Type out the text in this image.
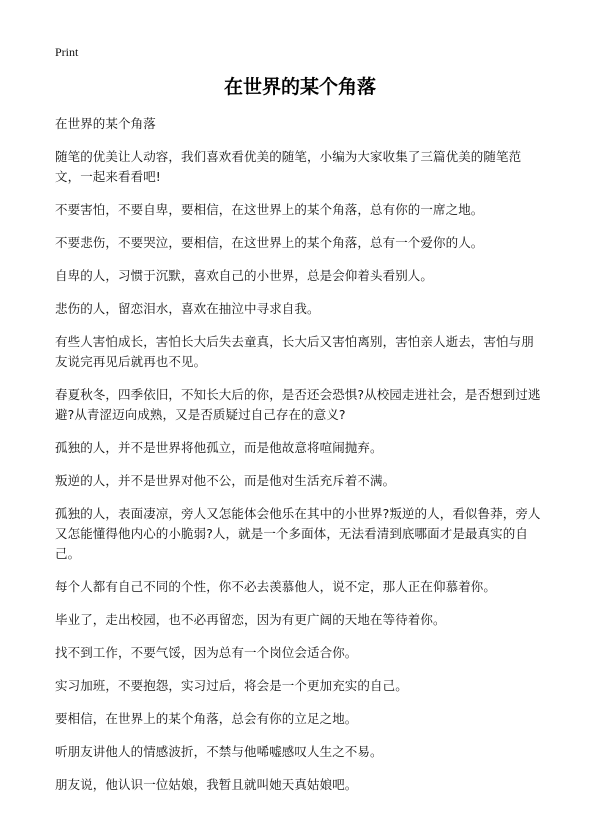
Print
在世界的某个角落

在世界的某个角落

随笔的优美让人动容，我们喜欢看优美的随笔，小编为大家收集了三篇优美的随笔范文，一起来看看吧!

不要害怕，不要自卑，要相信，在这世界上的某个角落，总有你的一席之地。

不要悲伤，不要哭泣，要相信，在这世界上的某个角落，总有一个爱你的人。

自卑的人，习惯于沉默，喜欢自己的小世界，总是会仰着头看别人。

悲伤的人，留恋泪水，喜欢在抽泣中寻求自我。

有些人害怕成长，害怕长大后失去童真，长大后又害怕离别，害怕亲人逝去，害怕与朋友说完再见后就再也不见。

春夏秋冬，四季依旧，不知长大后的你，是否还会恐惧?从校园走进社会，是否想到过逃避?从青涩迈向成熟，又是否质疑过自己存在的意义?

孤独的人，并不是世界将他孤立，而是他故意将喧闹抛弃。

叛逆的人，并不是世界对他不公，而是他对生活充斥着不满。

孤独的人，表面凄凉，旁人又怎能体会他乐在其中的小世界?叛逆的人，看似鲁莽，旁人又怎能懂得他内心的小脆弱?人，就是一个多面体，无法看清到底哪面才是最真实的自己。

每个人都有自己不同的个性，你不必去羡慕他人，说不定，那人正在仰慕着你。

毕业了，走出校园，也不必再留恋，因为有更广阔的天地在等待着你。

找不到工作，不要气馁，因为总有一个岗位会适合你。

实习加班，不要抱怨，实习过后，将会是一个更加充实的自己。

要相信，在世界上的某个角落，总会有你的立足之地。

听朋友讲他人的情感波折，不禁与他唏嘘感叹人生之不易。

朋友说，他认识一位姑娘，我暂且就叫她天真姑娘吧。
